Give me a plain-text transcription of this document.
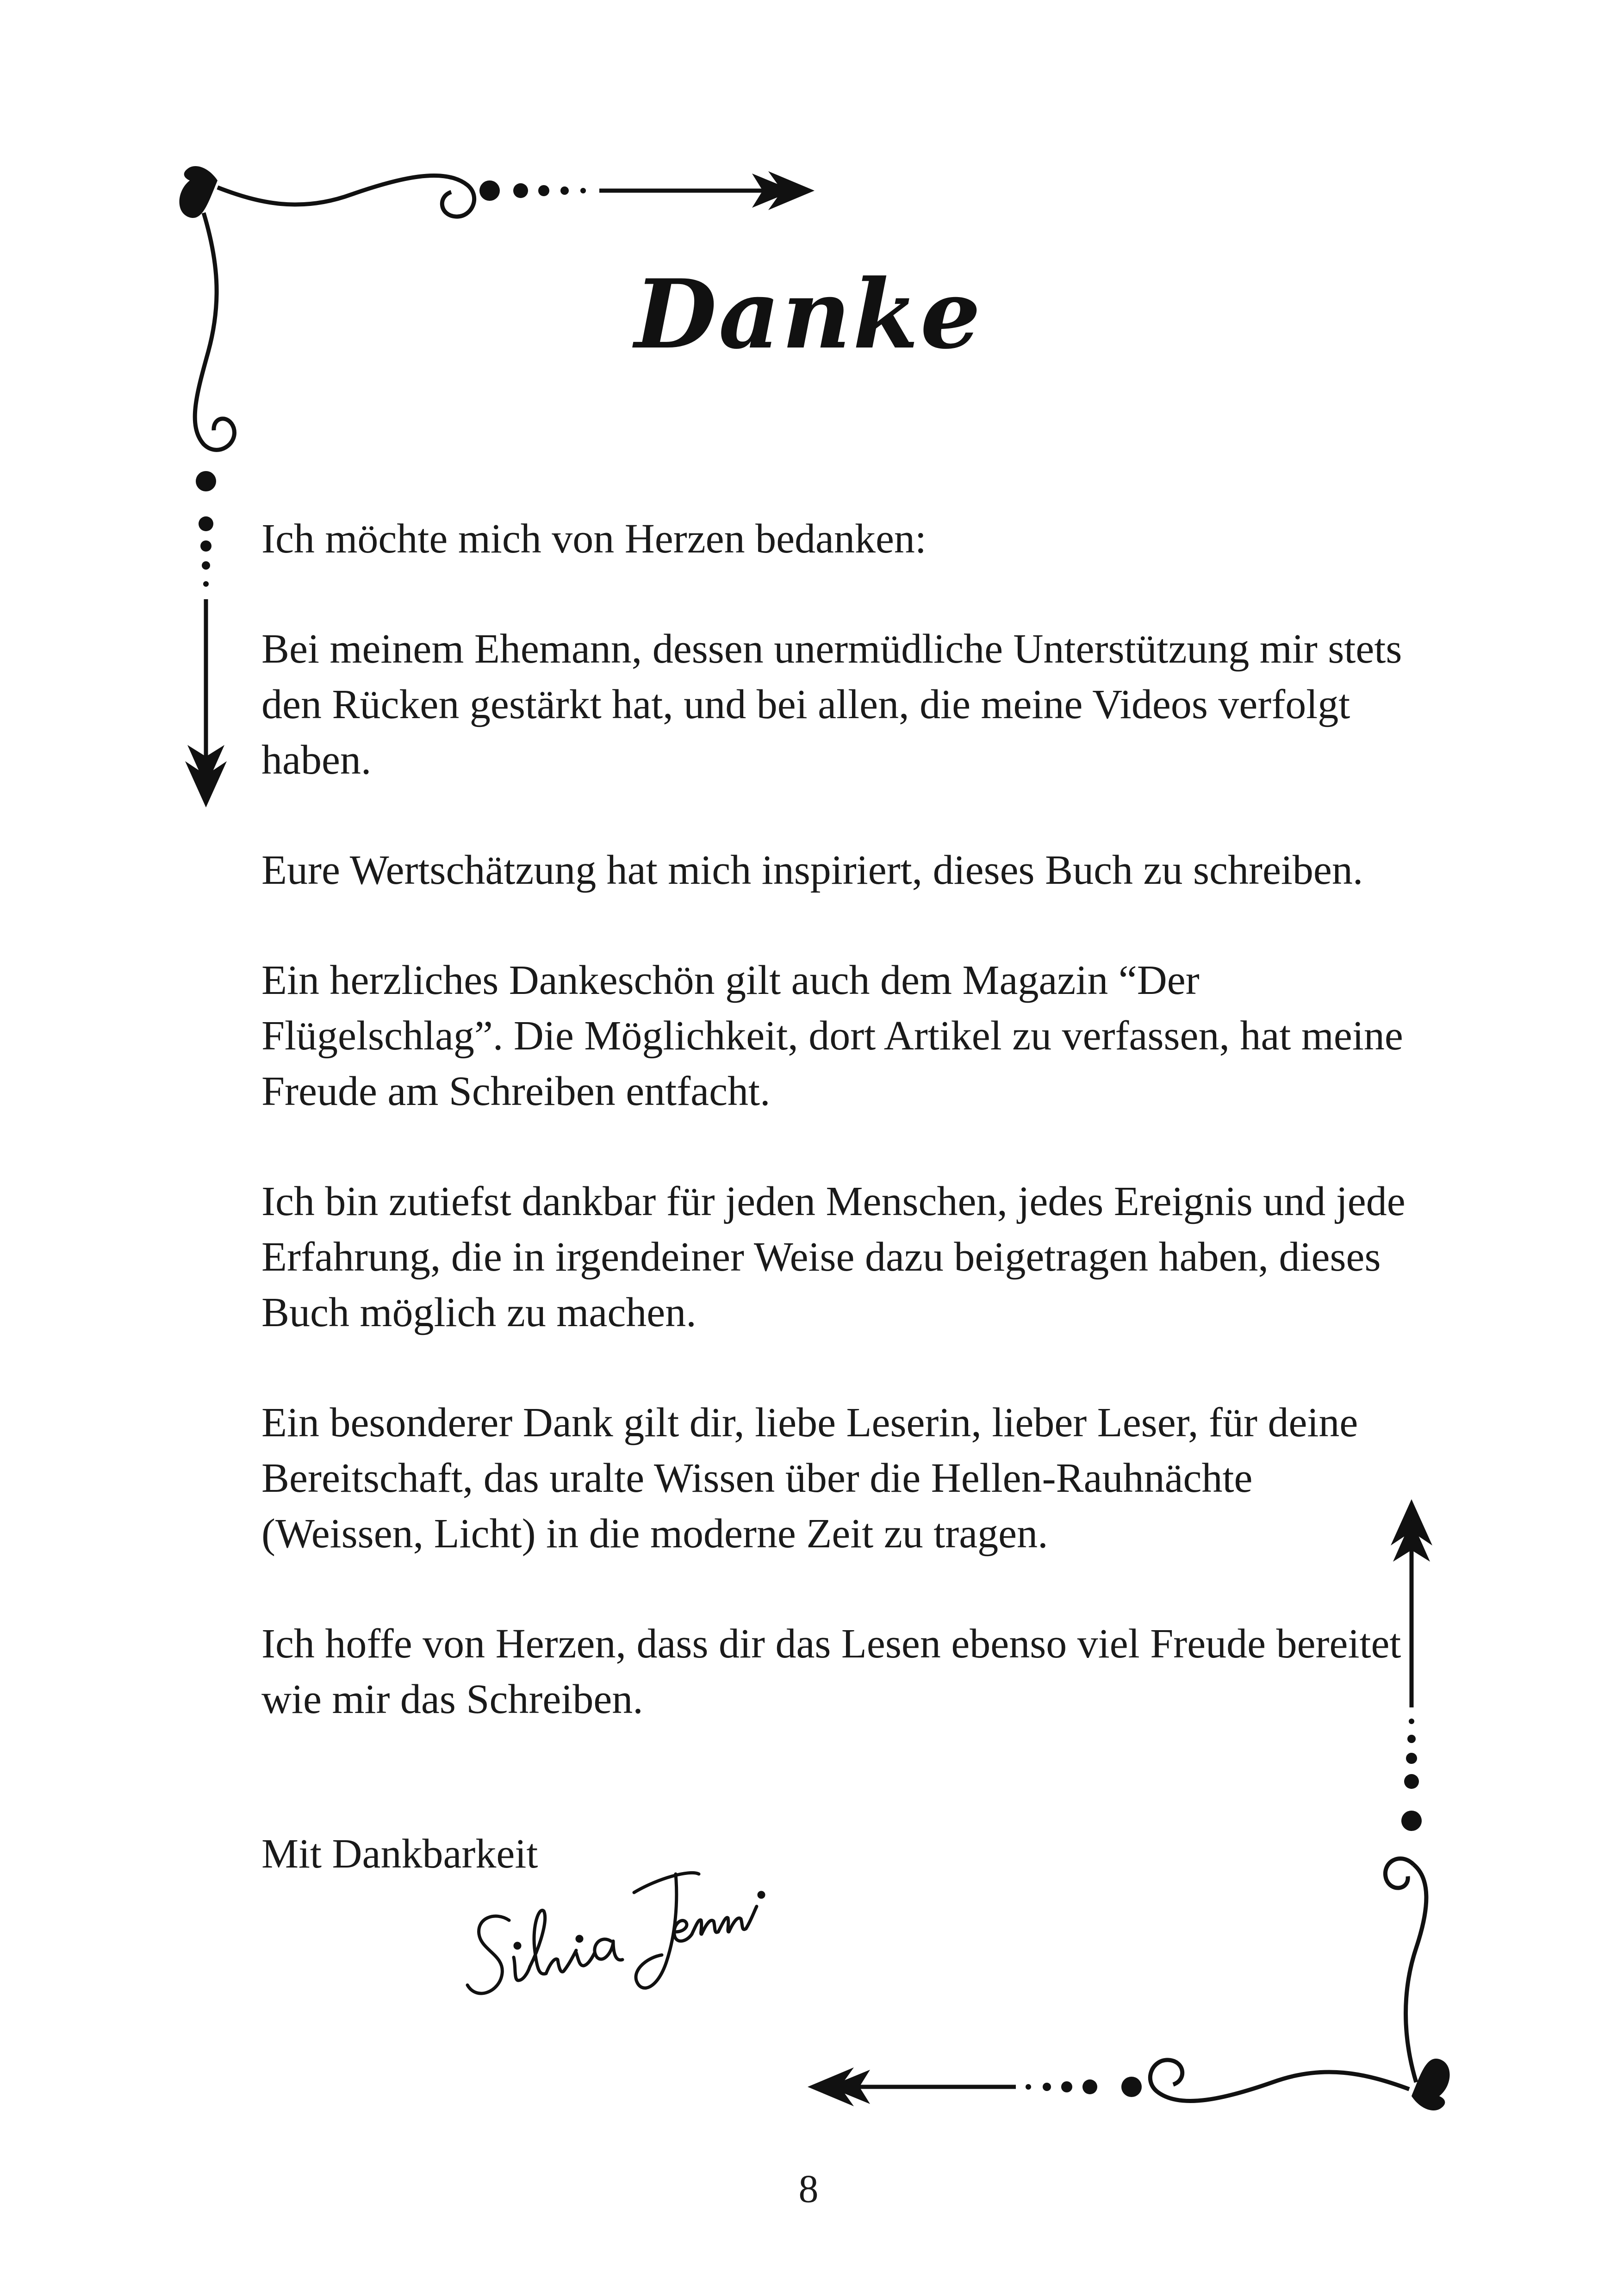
Danke

Ich möchte mich von Herzen bedanken:

Bei meinem Ehemann, dessen unermüdliche Unterstützung mir stets den Rücken gestärkt hat, und bei allen, die meine Videos verfolgt haben.

Eure Wertschätzung hat mich inspiriert, dieses Buch zu schreiben.

Ein herzliches Dankeschön gilt auch dem Magazin “Der Flügelschlag”. Die Möglichkeit, dort Artikel zu verfassen, hat meine Freude am Schreiben entfacht.

Ich bin zutiefst dankbar für jeden Menschen, jedes Ereignis und jede Erfahrung, die in irgendeiner Weise dazu beigetragen haben, dieses Buch möglich zu machen.

Ein besonderer Dank gilt dir, liebe Leserin, lieber Leser, für deine Bereitschaft, das uralte Wissen über die Hellen-Rauhnächte (Weissen, Licht) in die moderne Zeit zu tragen.

Ich hoffe von Herzen, dass dir das Lesen ebenso viel Freude bereitet wie mir das Schreiben.

Mit Dankbarkeit
8
